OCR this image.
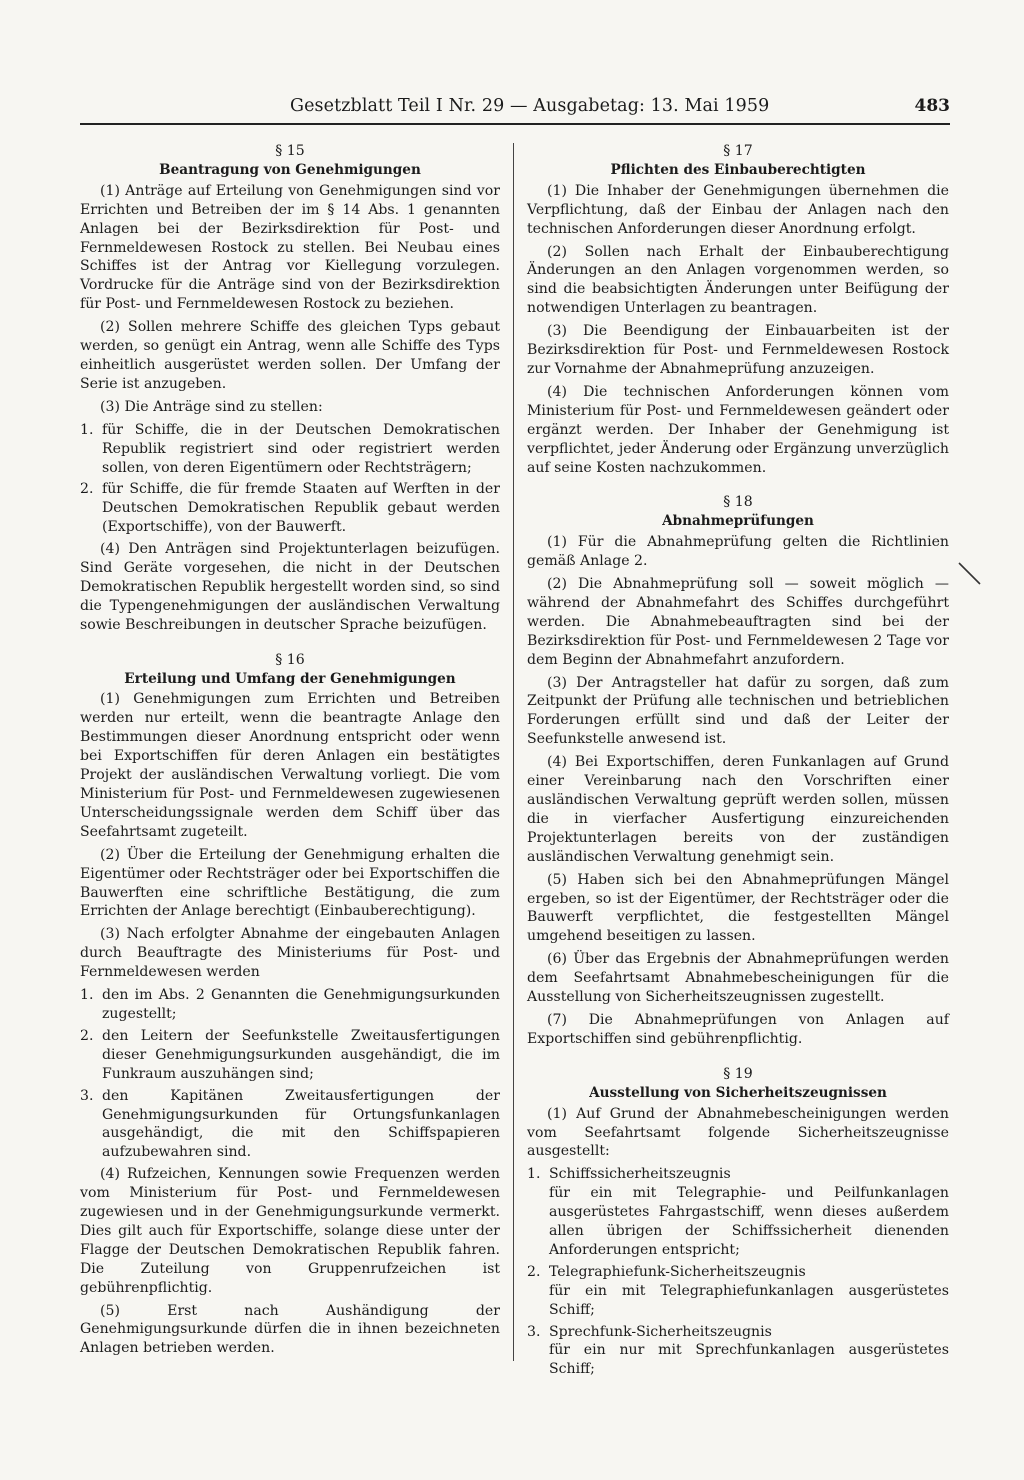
Gesetzblatt Teil I Nr. 29 — Ausgabetag: 13. Mai 1959	483
§ 15
Beantragung von Genehmigungen

(1) Anträge auf Erteilung von Genehmigungen sind vor Errichten und Betreiben der im § 14 Abs. 1 genannten Anlagen bei der Bezirksdirektion für Post- und Fernmeldewesen Rostock zu stellen. Bei Neubau eines Schiffes ist der Antrag vor Kiellegung vorzulegen. Vordrucke für die Anträge sind von der Bezirksdirektion für Post- und Fernmeldewesen Rostock zu beziehen.

(2) Sollen mehrere Schiffe des gleichen Typs gebaut werden, so genügt ein Antrag, wenn alle Schiffe des Typs einheitlich ausgerüstet werden sollen. Der Umfang der Serie ist anzugeben.

(3) Die Anträge sind zu stellen:

1. für Schiffe, die in der Deutschen Demokratischen Republik registriert sind oder registriert werden sollen, von deren Eigentümern oder Rechtsträgern;
2. für Schiffe, die für fremde Staaten auf Werften in der Deutschen Demokratischen Republik gebaut werden (Exportschiffe), von der Bauwerft.

(4) Den Anträgen sind Projektunterlagen beizufügen. Sind Geräte vorgesehen, die nicht in der Deutschen Demokratischen Republik hergestellt worden sind, so sind die Typengenehmigungen der ausländischen Verwaltung sowie Beschreibungen in deutscher Sprache beizufügen.

§ 16
Erteilung und Umfang der Genehmigungen

(1) Genehmigungen zum Errichten und Betreiben werden nur erteilt, wenn die beantragte Anlage den Bestimmungen dieser Anordnung entspricht oder wenn bei Exportschiffen für deren Anlagen ein bestätigtes Projekt der ausländischen Verwaltung vorliegt. Die vom Ministerium für Post- und Fernmeldewesen zugewiesenen Unterscheidungssignale werden dem Schiff über das Seefahrtsamt zugeteilt.

(2) Über die Erteilung der Genehmigung erhalten die Eigentümer oder Rechtsträger oder bei Exportschiffen die Bauwerften eine schriftliche Bestätigung, die zum Errichten der Anlage berechtigt (Einbauberechtigung).

(3) Nach erfolgter Abnahme der eingebauten Anlagen durch Beauftragte des Ministeriums für Post- und Fernmeldewesen werden

1. den im Abs. 2 Genannten die Genehmigungsurkunden zugestellt;
2. den Leitern der Seefunkstelle Zweitausfertigungen dieser Genehmigungsurkunden ausgehändigt, die im Funkraum auszuhängen sind;
3. den Kapitänen Zweitausfertigungen der Genehmigungsurkunden für Ortungsfunkanlagen ausgehändigt, die mit den Schiffspapieren aufzubewahren sind.

(4) Rufzeichen, Kennungen sowie Frequenzen werden vom Ministerium für Post- und Fernmeldewesen zugewiesen und in der Genehmigungsurkunde vermerkt. Dies gilt auch für Exportschiffe, solange diese unter der Flagge der Deutschen Demokratischen Republik fahren. Die Zuteilung von Gruppenrufzeichen ist gebührenpflichtig.

(5) Erst nach Aushändigung der Genehmigungsurkunde dürfen die in ihnen bezeichneten Anlagen betrieben werden.

§ 17
Pflichten des Einbauberechtigten

(1) Die Inhaber der Genehmigungen übernehmen die Verpflichtung, daß der Einbau der Anlagen nach den technischen Anforderungen dieser Anordnung erfolgt.

(2) Sollen nach Erhalt der Einbauberechtigung Änderungen an den Anlagen vorgenommen werden, so sind die beabsichtigten Änderungen unter Beifügung der notwendigen Unterlagen zu beantragen.

(3) Die Beendigung der Einbauarbeiten ist der Bezirksdirektion für Post- und Fernmeldewesen Rostock zur Vornahme der Abnahmeprüfung anzuzeigen.

(4) Die technischen Anforderungen können vom Ministerium für Post- und Fernmeldewesen geändert oder ergänzt werden. Der Inhaber der Genehmigung ist verpflichtet, jeder Änderung oder Ergänzung unverzüglich auf seine Kosten nachzukommen.

§ 18
Abnahmeprüfungen

(1) Für die Abnahmeprüfung gelten die Richtlinien gemäß Anlage 2.

(2) Die Abnahmeprüfung soll — soweit möglich — während der Abnahmefahrt des Schiffes durchgeführt werden. Die Abnahmebeauftragten sind bei der Bezirksdirektion für Post- und Fernmeldewesen 2 Tage vor dem Beginn der Abnahmefahrt anzufordern.

(3) Der Antragsteller hat dafür zu sorgen, daß zum Zeitpunkt der Prüfung alle technischen und betrieblichen Forderungen erfüllt sind und daß der Leiter der Seefunkstelle anwesend ist.

(4) Bei Exportschiffen, deren Funkanlagen auf Grund einer Vereinbarung nach den Vorschriften einer ausländischen Verwaltung geprüft werden sollen, müssen die in vierfacher Ausfertigung einzureichenden Projektunterlagen bereits von der zuständigen ausländischen Verwaltung genehmigt sein.

(5) Haben sich bei den Abnahmeprüfungen Mängel ergeben, so ist der Eigentümer, der Rechtsträger oder die Bauwerft verpflichtet, die festgestellten Mängel umgehend beseitigen zu lassen.

(6) Über das Ergebnis der Abnahmeprüfungen werden dem Seefahrtsamt Abnahmebescheinigungen für die Ausstellung von Sicherheitszeugnissen zugestellt.

(7) Die Abnahmeprüfungen von Anlagen auf Exportschiffen sind gebührenpflichtig.

§ 19
Ausstellung von Sicherheitszeugnissen

(1) Auf Grund der Abnahmebescheinigungen werden vom Seefahrtsamt folgende Sicherheitszeugnisse ausgestellt:

1. Schiffssicherheitszeugnis
für ein mit Telegraphie- und Peilfunkanlagen ausgerüstetes Fahrgastschiff, wenn dieses außerdem allen übrigen der Schiffssicherheit dienenden Anforderungen entspricht;
2. Telegraphiefunk-Sicherheitszeugnis
für ein mit Telegraphiefunkanlagen ausgerüstetes Schiff;
3. Sprechfunk-Sicherheitszeugnis
für ein nur mit Sprechfunkanlagen ausgerüstetes Schiff;
